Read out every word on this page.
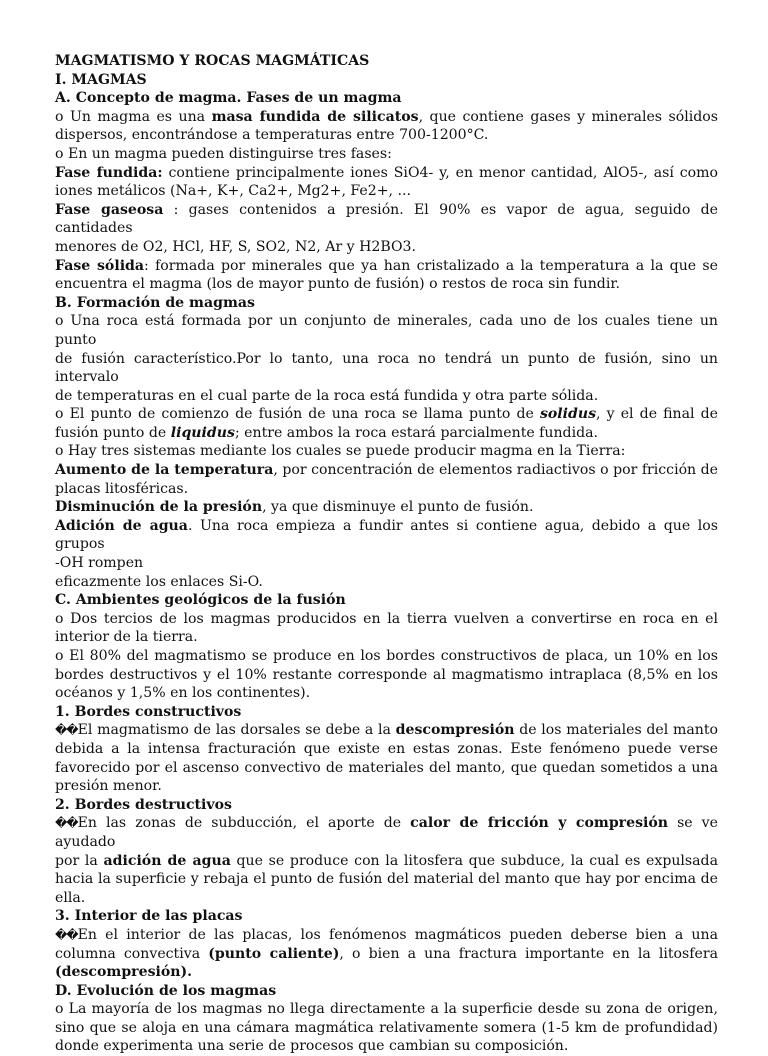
MAGMATISMO Y ROCAS MAGMÁTICAS
I. MAGMAS
A. Concepto de magma. Fases de un magma
o Un magma es una masa fundida de silicatos, que contiene gases y minerales sólidos
dispersos, encontrándose a temperaturas entre 700-1200°C.
o En un magma pueden distinguirse tres fases:
Fase fundida: contiene principalmente iones SiO4- y, en menor cantidad, AlO5-, así como
iones metálicos (Na+, K+, Ca2+, Mg2+, Fe2+, ...
Fase gaseosa : gases contenidos a presión. El 90% es vapor de agua, seguido de cantidades
menores de O2, HCl, HF, S, SO2, N2, Ar y H2BO3.
Fase sólida: formada por minerales que ya han cristalizado a la temperatura a la que se
encuentra el magma (los de mayor punto de fusión) o restos de roca sin fundir.
B. Formación de magmas
o Una roca está formada por un conjunto de minerales, cada uno de los cuales tiene un punto
de fusión característico.Por lo tanto, una roca no tendrá un punto de fusión, sino un intervalo
de temperaturas en el cual parte de la roca está fundida y otra parte sólida.
o El punto de comienzo de fusión de una roca se llama punto de solidus, y el de final de
fusión punto de liquidus; entre ambos la roca estará parcialmente fundida.
o Hay tres sistemas mediante los cuales se puede producir magma en la Tierra:
Aumento de la temperatura, por concentración de elementos radiactivos o por fricción de
placas litosféricas.
Disminución de la presión, ya que disminuye el punto de fusión.
Adición de agua. Una roca empieza a fundir antes si contiene agua, debido a que los grupos
-OH rompen
eficazmente los enlaces Si-O.
C. Ambientes geológicos de la fusión
o Dos tercios de los magmas producidos en la tierra vuelven a convertirse en roca en el
interior de la tierra.
o El 80% del magmatismo se produce en los bordes constructivos de placa, un 10% en los
bordes destructivos y el 10% restante corresponde al magmatismo intraplaca (8,5% en los
océanos y 1,5% en los continentes).
1. Bordes constructivos
��El magmatismo de las dorsales se debe a la descompresión de los materiales del manto
debida a la intensa fracturación que existe en estas zonas. Este fenómeno puede verse
favorecido por el ascenso convectivo de materiales del manto, que quedan sometidos a una
presión menor.
2. Bordes destructivos
��En las zonas de subducción, el aporte de calor de fricción y compresión se ve ayudado
por la adición de agua que se produce con la litosfera que subduce, la cual es expulsada
hacia la superficie y rebaja el punto de fusión del material del manto que hay por encima de
ella.
3. Interior de las placas
��En el interior de las placas, los fenómenos magmáticos pueden deberse bien a una
columna convectiva (punto caliente), o bien a una fractura importante en la litosfera
(descompresión).
D. Evolución de los magmas
o La mayoría de los magmas no llega directamente a la superficie desde su zona de origen,
sino que se aloja en una cámara magmática relativamente somera (1-5 km de profundidad)
donde experimenta una serie de procesos que cambian su composición.
